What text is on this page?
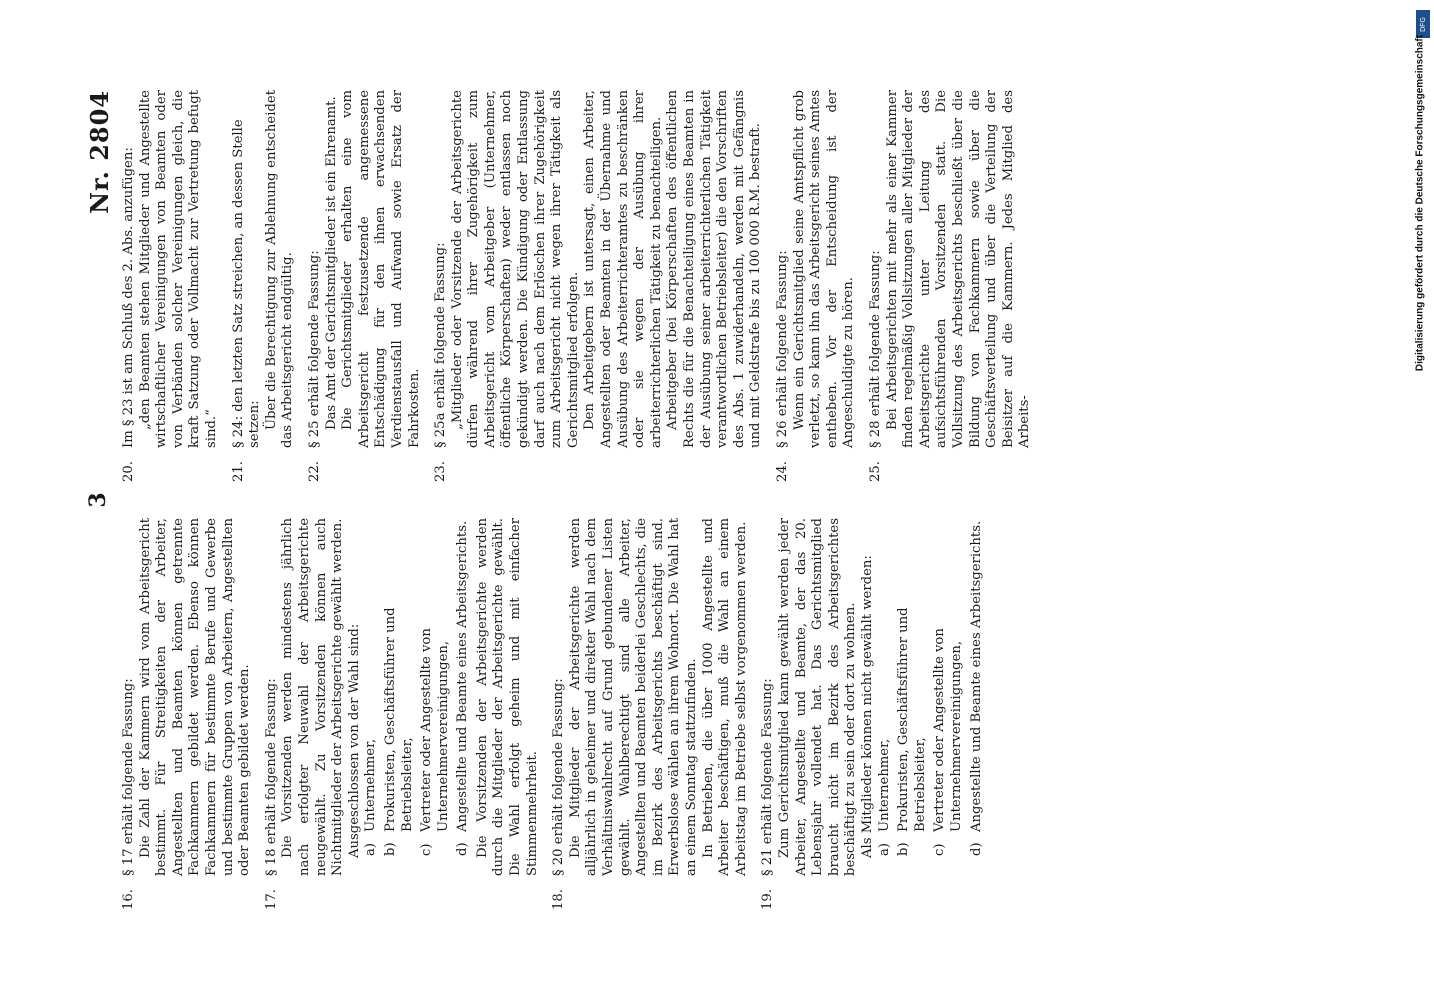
DFG
Digitalisierung gefördert durch die Deutsche Forschungsgemeinschaft
3
Nr. 2804
16.
§ 17 erhält folgende Fassung: Die Zahl der Kammern wird vom Arbeitsgericht bestimmt. Für Streitigkeiten der Arbeiter, Angestellten und Beamten können getrennte Fachkammern gebildet werden. Ebenso können Fachkammern für bestimmte Berufe und Gewerbe und bestimmte Gruppen von Arbeitern, Angestellten oder Beamten gebildet werden.

17.
§ 18 erhält folgende Fassung: Die Vorsitzenden werden mindestens jährlich nach erfolgter Neuwahl der Arbeitsgerichte neugewählt. Zu Vorsitzenden können auch Nichtmitglieder der Arbeitsgerichte gewählt werden. Ausgeschlossen von der Wahl sind: a)
Unternehmer,
b)
Prokuristen, Geschäftsführer und Betriebsleiter,
c)
Vertreter oder Angestellte von Unternehmervereinigungen,
d)
Angestellte und Beamte eines Arbeitsgerichts. Die Vorsitzenden der Arbeitsgerichte werden durch die Mitglieder der Arbeitsgerichte gewählt. Die Wahl erfolgt geheim und mit einfacher Stimmenmehrheit.

18.
§ 20 erhält folgende Fassung: Die Mitglieder der Arbeitsgerichte werden alljährlich in geheimer und direkter Wahl nach dem Verhältniswahlrecht auf Grund gebundener Listen gewählt. Wahlberechtigt sind alle Arbeiter, Angestellten und Beamten beiderlei Geschlechts, die im Bezirk des Arbeitsgerichts beschäftigt sind. Erwerbslose wählen an ihrem Wohnort. Die Wahl hat an einem Sonntag stattzufinden. In Betrieben, die über 1000 Angestellte und Arbeiter beschäftigen, muß die Wahl an einem Arbeitstag im Betriebe selbst vorgenommen werden.

19.
§ 21 erhält folgende Fassung: Zum Gerichtsmitglied kann gewählt werden jeder Arbeiter, Angestellte und Beamte, der das 20. Lebensjahr vollendet hat. Das Gerichtsmitglied braucht nicht im Bezirk des Arbeitsgerichtes beschäftigt zu sein oder dort zu wohnen. Als Mitglieder können nicht gewählt werden: a)
Unternehmer,
b)
Prokuristen, Geschäftsführer und Betriebsleiter,
c)
Vertreter oder Angestellte von Unternehmervereinigungen,
d)
Angestellte und Beamte eines Arbeitsgerichts.
20.
Im § 23 ist am Schluß des 2. Abs. anzufügen: „den Beamten stehen Mitglieder und Angestellte wirtschaftlicher Vereinigungen von Beamten oder von Verbänden solcher Vereinigungen gleich, die kraft Satzung oder Vollmacht zur Vertretung befugt sind.“

21.
§ 24: den letzten Satz streichen, an dessen Stelle setzen: Über die Berechtigung zur Ablehnung entscheidet das Arbeitsgericht endgültig.

22.
§ 25 erhält folgende Fassung: Das Amt der Gerichtsmitglieder ist ein Ehrenamt. Die Gerichtsmitglieder erhalten eine vom Arbeitsgericht festzusetzende angemessene Entschädigung für den ihnen erwachsenden Verdienstausfall und Aufwand sowie Ersatz der Fahrkosten.

23.
§ 25a erhält folgende Fassung: „Mitglieder oder Vorsitzende der Arbeitsgerichte dürfen während ihrer Zugehörigkeit zum Arbeitsgericht vom Arbeitgeber (Unternehmer, öffentliche Körperschaften) weder entlassen noch gekündigt werden. Die Kündigung oder Entlassung darf auch nach dem Erlöschen ihrer Zugehörigkeit zum Arbeitsgericht nicht wegen ihrer Tätigkeit als Gerichtsmitglied erfolgen. Den Arbeitgebern ist untersagt, einen Arbeiter, Angestellten oder Beamten in der Übernahme und Ausübung des Arbeiterrichteramtes zu beschränken oder sie wegen der Ausübung ihrer arbeiterrichterlichen Tätigkeit zu benachteiligen. Arbeitgeber (bei Körperschaften des öffentlichen Rechts die für die Benachteiligung eines Beamten in der Ausübung seiner arbeiterrichterlichen Tätigkeit verantwortlichen Betriebsleiter) die den Vorschriften des Abs. 1 zuwiderhandeln, werden mit Gefängnis und mit Geldstrafe bis zu 100 000 R.M. bestraft.

24.
§ 26 erhält folgende Fassung: Wenn ein Gerichtsmitglied seine Amtspflicht grob verletzt, so kann ihn das Arbeitsgericht seines Amtes entheben. Vor der Entscheidung ist der Angeschuldigte zu hören.

25.
§ 28 erhält folgende Fassung: Bei Arbeitsgerichten mit mehr als einer Kammer finden regelmäßig Vollsitzungen aller Mitglieder der Arbeitsgerichte unter Leitung des aufsichtsführenden Vorsitzenden statt. Die Vollsitzung des Arbeitsgerichts beschließt über die Bildung von Fachkammern sowie über die Geschäftsverteilung und über die Verteilung der Beisitzer auf die Kammern. Jedes Mitglied des Arbeits-
